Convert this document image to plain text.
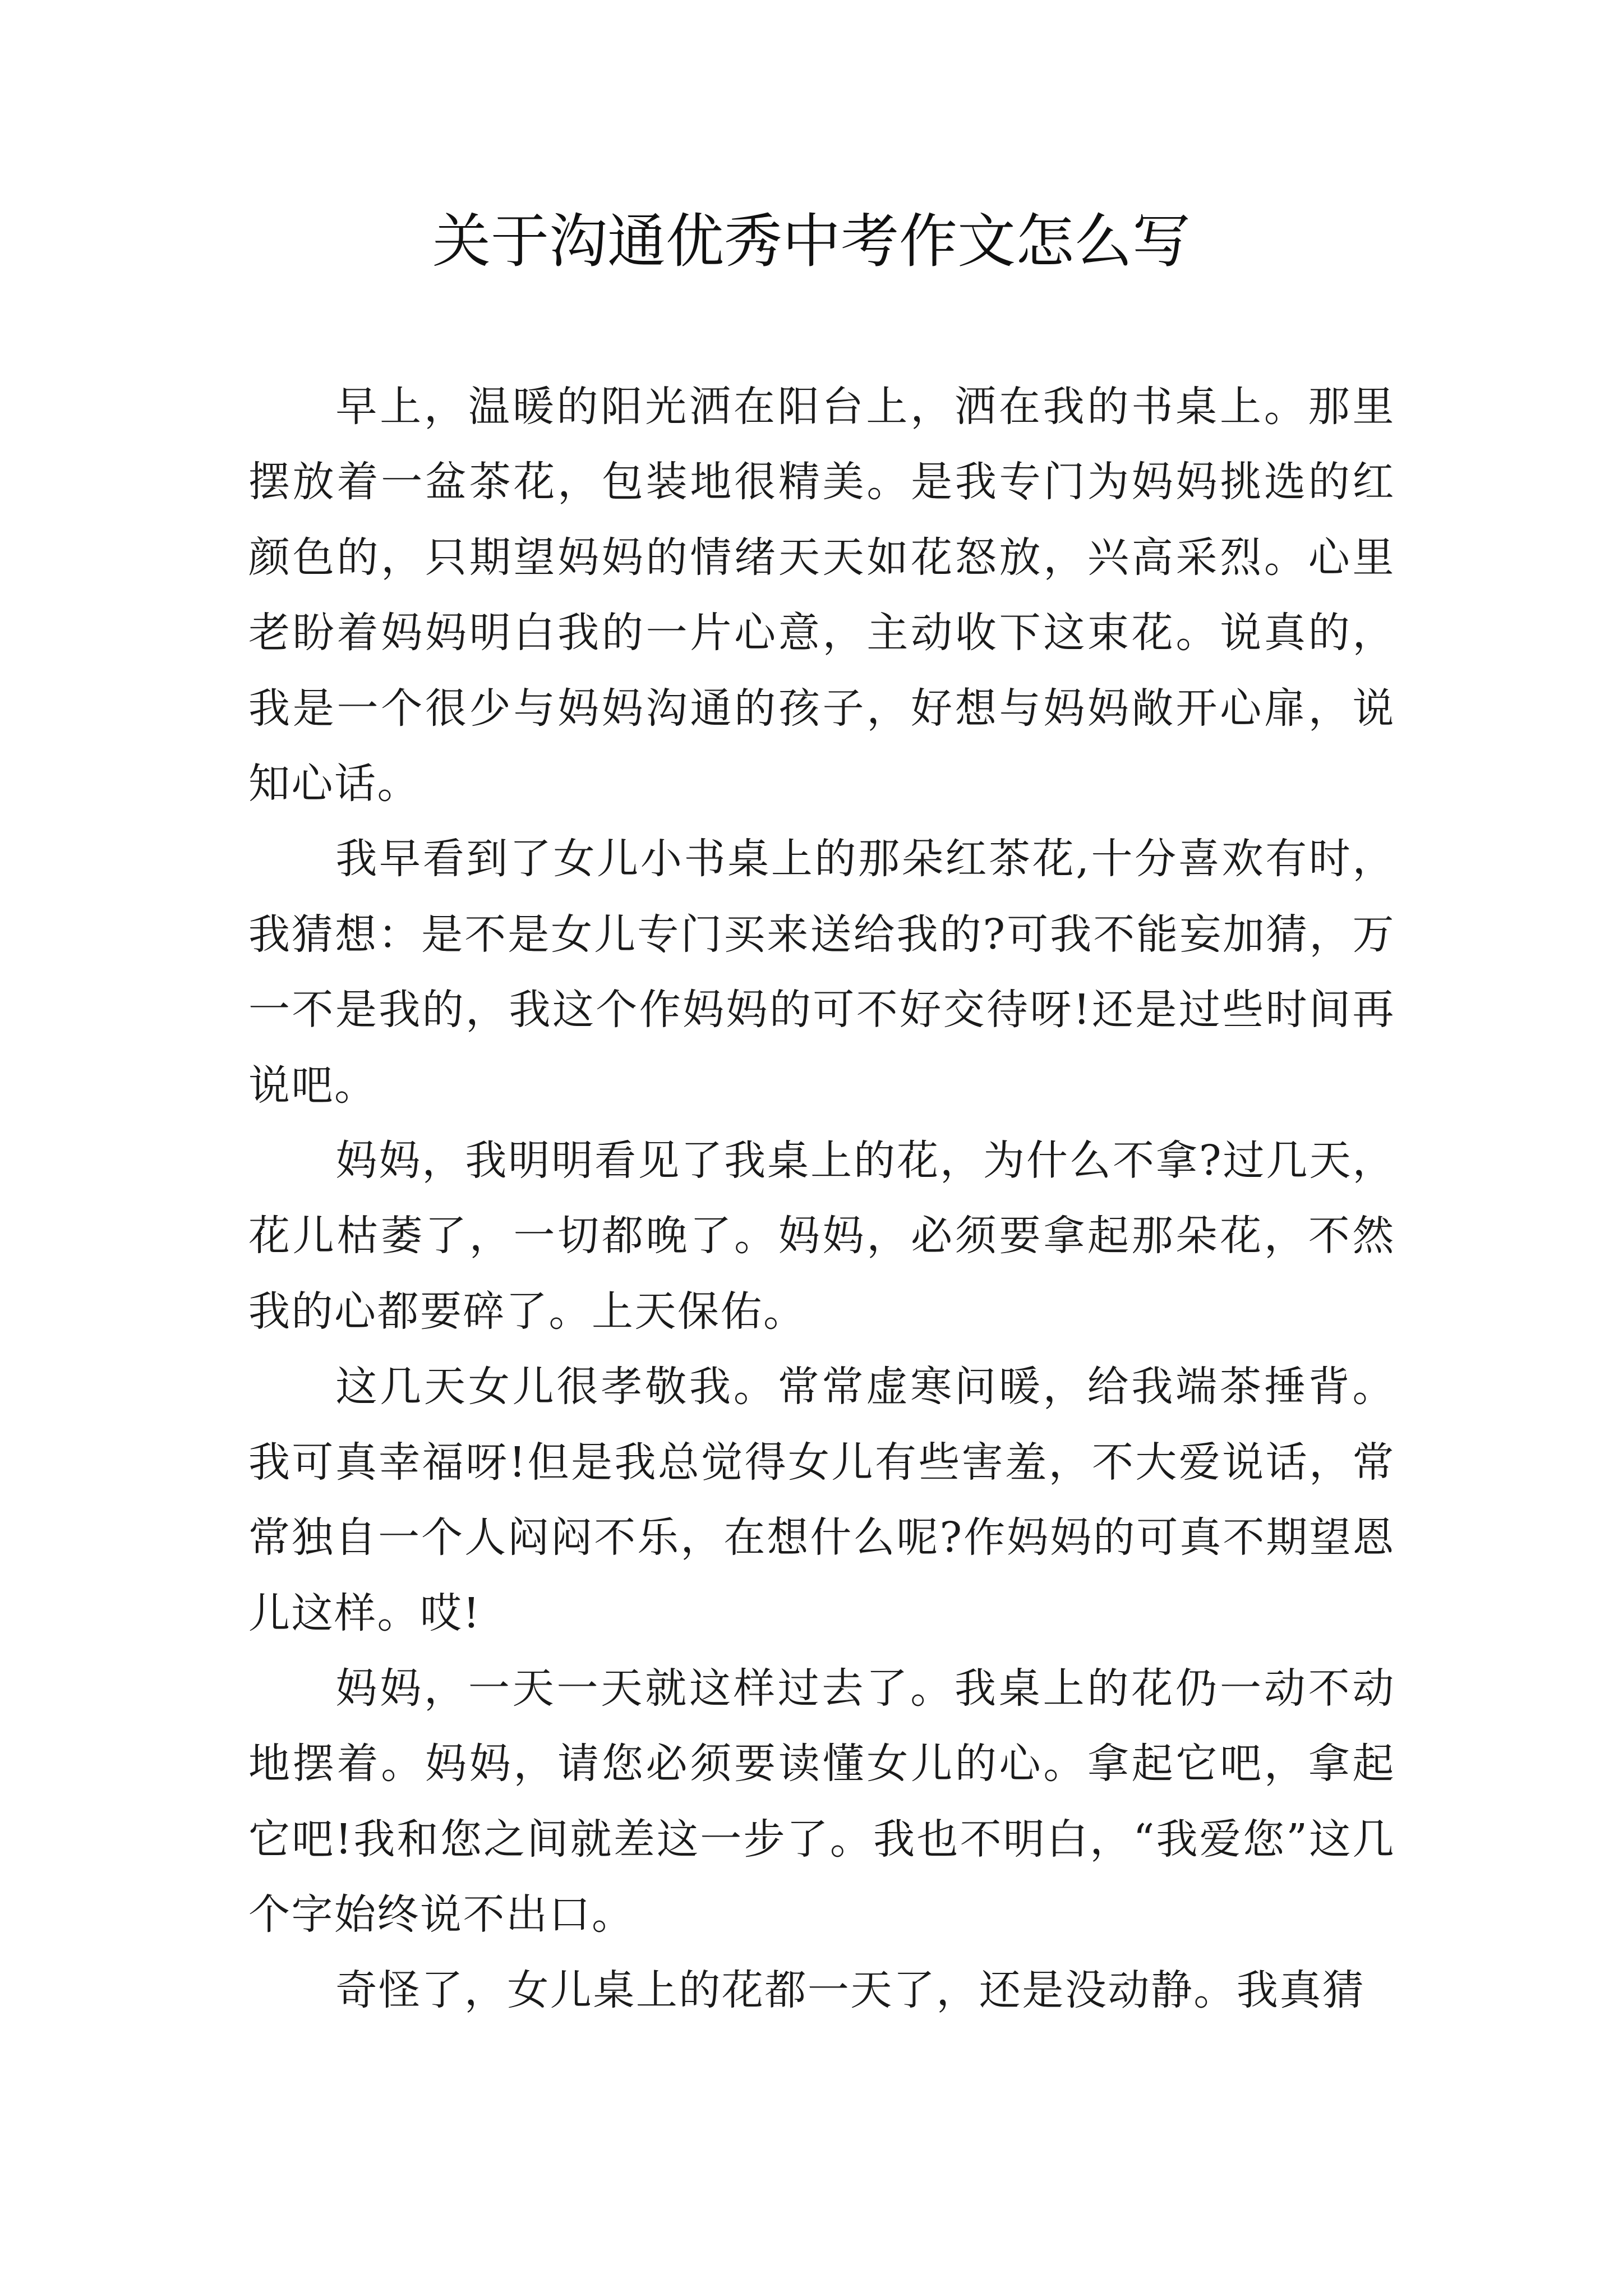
关于沟通优秀中考作文怎么写

早上，温暖的阳光洒在阳台上，洒在我的书桌上。那里摆放着一盆茶花，包装地很精美。是我专门为妈妈挑选的红颜色的，只期望妈妈的情绪天天如花怒放，兴高采烈。心里老盼着妈妈明白我的一片心意，主动收下这束花。说真的，我是一个很少与妈妈沟通的孩子，好想与妈妈敞开心扉，说知心话。

我早看到了女儿小书桌上的那朵红茶花,十分喜欢有时，我猜想：是不是女儿专门买来送给我的?可我不能妄加猜，万一不是我的，我这个作妈妈的可不好交待呀!还是过些时间再说吧。

妈妈，我明明看见了我桌上的花，为什么不拿?过几天，花儿枯萎了，一切都晚了。妈妈，必须要拿起那朵花，不然我的心都要碎了。上天保佑。

这几天女儿很孝敬我。常常虚寒问暖，给我端茶捶背。我可真幸福呀!但是我总觉得女儿有些害羞，不大爱说话，常常独自一个人闷闷不乐，在想什么呢?作妈妈的可真不期望恩儿这样。哎!

妈妈，一天一天就这样过去了。我桌上的花仍一动不动地摆着。妈妈，请您必须要读懂女儿的心。拿起它吧，拿起它吧!我和您之间就差这一步了。我也不明白，“我爱您”这几个字始终说不出口。

奇怪了，女儿桌上的花都一天了，还是没动静。我真猜
